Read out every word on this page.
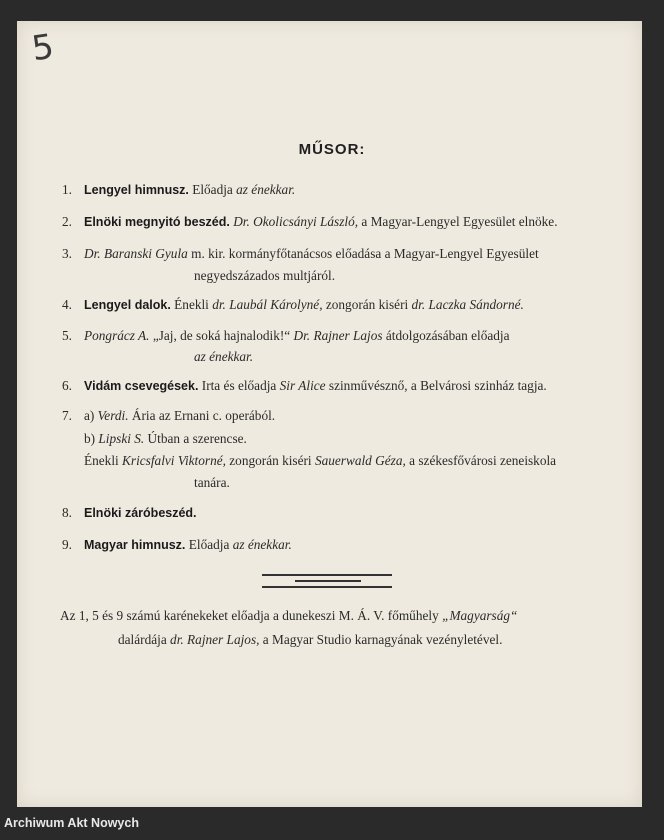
5
MŰSOR:
1. Lengyel himnusz. Előadja az énekkar.
2. Elnöki megnyitó beszéd. Dr. Okolicsányi László, a Magyar-Lengyel Egyesület elnöke.
3. Dr. Baranski Gyula m. kir. kormányfőtanácsos előadása a Magyar-Lengyel Egyesület
negyedszázados multjáról.
4. Lengyel dalok. Énekli dr. Laubál Károlyné, zongorán kiséri dr. Laczka Sándorné.
5. Pongrácz A. „Jaj, de soká hajnalodik!“ Dr. Rajner Lajos átdolgozásában előadja
az énekkar.
6. Vidám csevegések. Irta és előadja Sir Alice szinművésznő, a Belvárosi szinház tagja.
7. a) Verdi. Ária az Ernani c. operából.
b) Lipski S. Útban a szerencse.
Énekli Kricsfalvi Viktorné, zongorán kiséri Sauerwald Géza, a székesfővárosi zeneiskola
tanára.
8. Elnöki záróbeszéd.
9. Magyar himnusz. Előadja az énekkar.
Az 1, 5 és 9 számú karénekeket előadja a dunekeszi M. Á. V. főműhely „Magyarság“
dalárdája dr. Rajner Lajos, a Magyar Studio karnagyának vezényletével.
Archiwum Akt Nowych
